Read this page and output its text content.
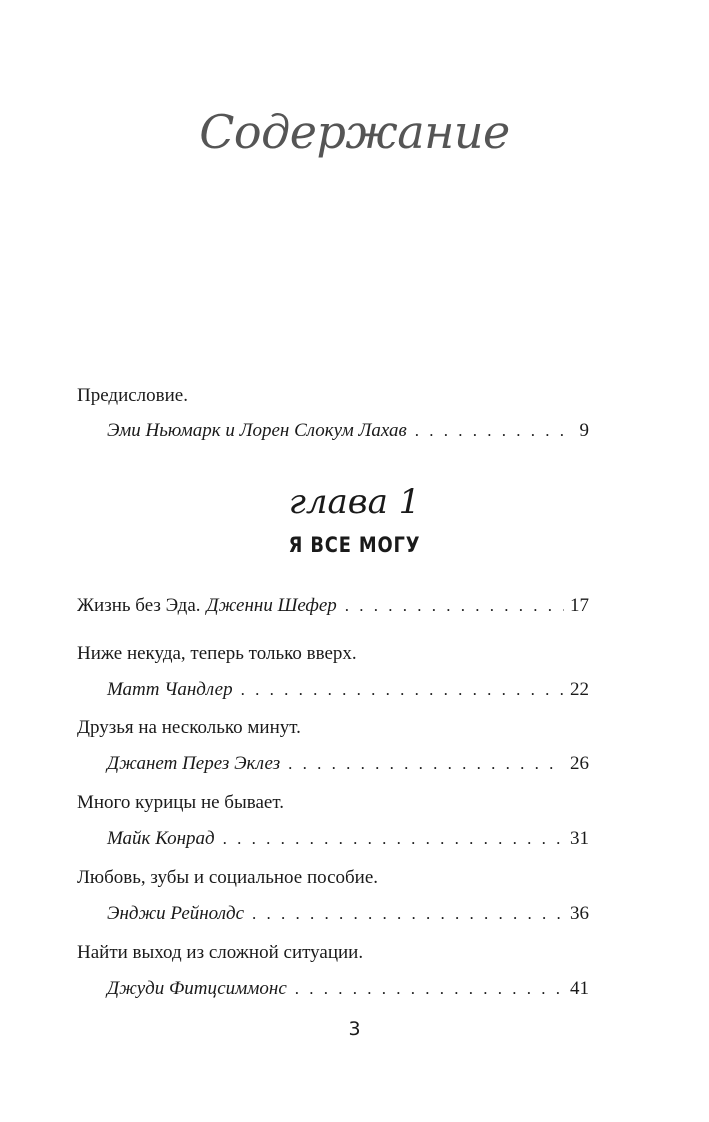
Содержание
Предисловие.
Эми Ньюмарк и Лорен Слокум Лахав . . .	9
глава 1
Я ВСЕ МОГУ
Жизнь без Эда. Дженни Шефер . . .	17
Ниже некуда, теперь только вверх.
Матт Чандлер . . .	22
Друзья на несколько минут.
Джанет Перез Эклез . . .	26
Много курицы не бывает.
Майк Конрад . . .	31
Любовь, зубы и социальное пособие.
Энджи Рейнолдс . . .	36
Найти выход из сложной ситуации.
Джуди Фитцсиммонс . . .	41
3
